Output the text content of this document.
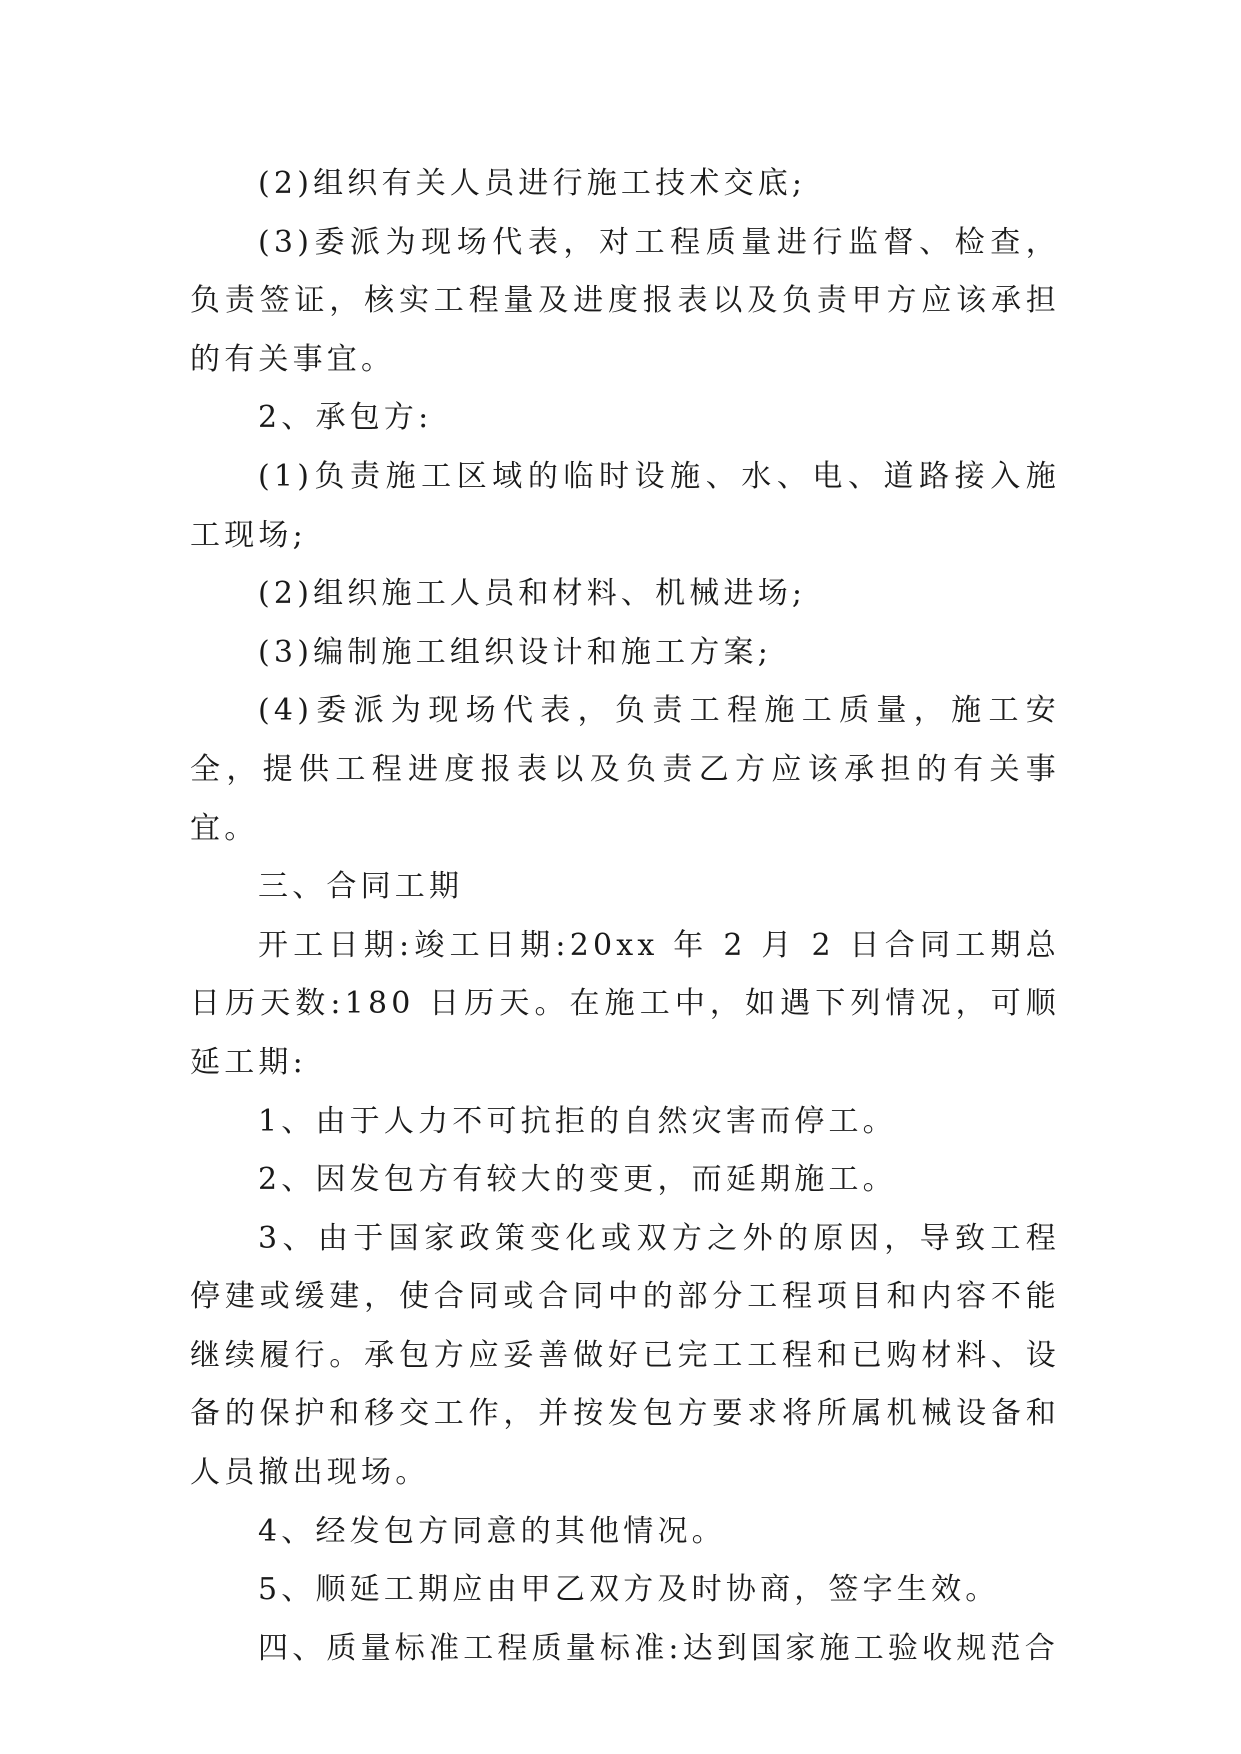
(2)组织有关人员进行施工技术交底;

(3)委派为现场代表，对工程质量进行监督、检查，负责签证，核实工程量及进度报表以及负责甲方应该承担的有关事宜。

2、承包方:

(1)负责施工区域的临时设施、水、电、道路接入施工现场;

(2)组织施工人员和材料、机械进场;

(3)编制施工组织设计和施工方案;

(4)委派为现场代表，负责工程施工质量，施工安全，提供工程进度报表以及负责乙方应该承担的有关事宜。

三、合同工期

开工日期:竣工日期:20xx 年 2 月 2 日合同工期总日历天数:180 日历天。在施工中，如遇下列情况，可顺延工期:

1、由于人力不可抗拒的自然灾害而停工。

2、因发包方有较大的变更，而延期施工。

3、由于国家政策变化或双方之外的原因，导致工程停建或缓建，使合同或合同中的部分工程项目和内容不能继续履行。承包方应妥善做好已完工工程和已购材料、设备的保护和移交工作，并按发包方要求将所属机械设备和人员撤出现场。

4、经发包方同意的其他情况。

5、顺延工期应由甲乙双方及时协商，签字生效。

四、质量标准工程质量标准:达到国家施工验收规范合
